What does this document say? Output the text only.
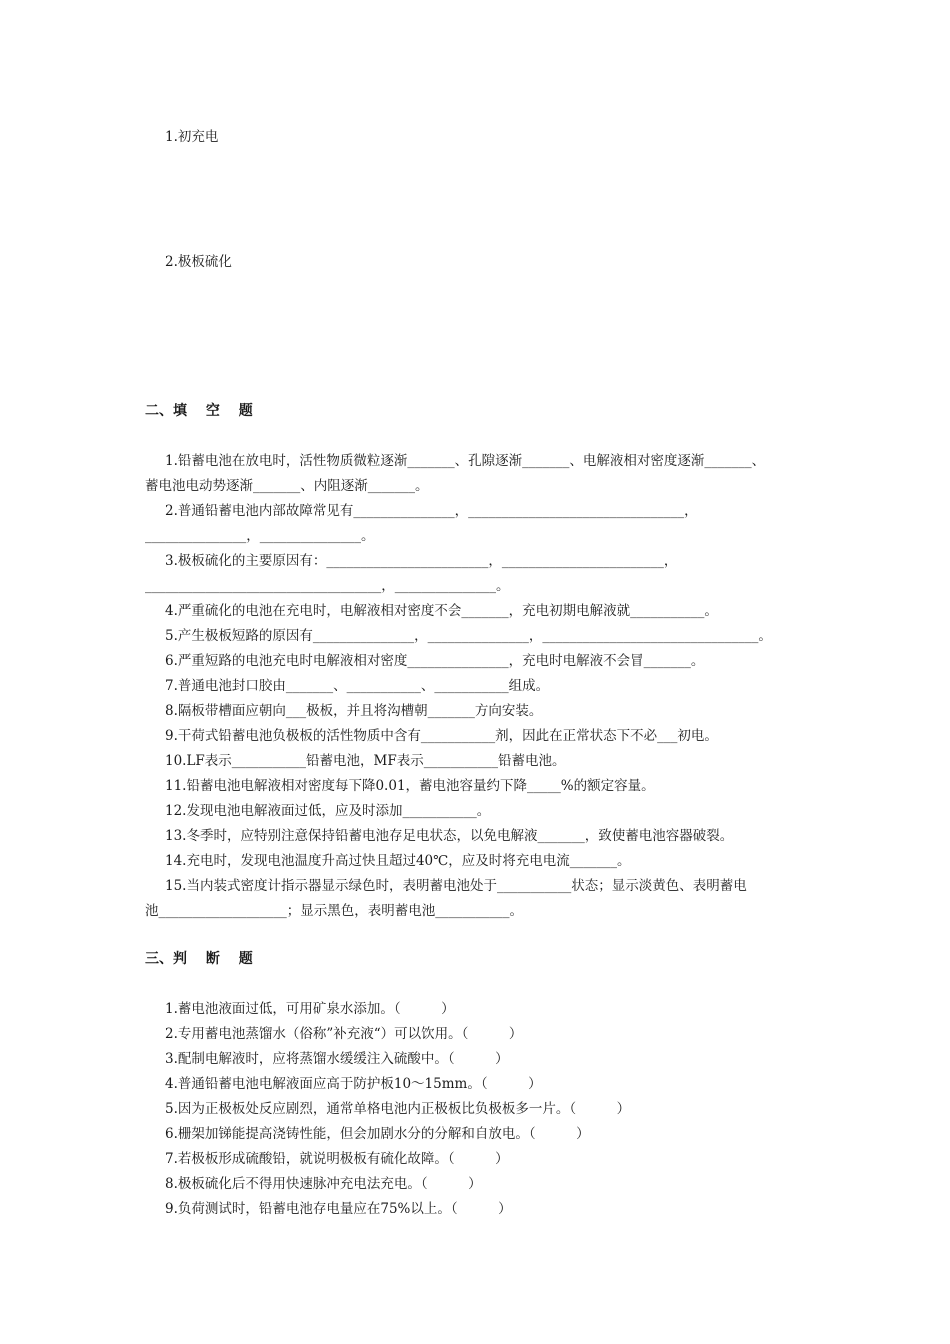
1.初充电
2.极板硫化
二、填　 空　 题
1.铅蓄电池在放电时，活性物质微粒逐渐_______、孔隙逐渐_______、电解液相对密度逐渐_______、
蓄电池电动势逐渐_______、内阻逐渐_______。
2.普通铅蓄电池内部故障常见有_______________，________________________________，
_______________，_______________。
3.极板硫化的主要原因有：________________________，________________________，
___________________________________，_______________。
4.严重硫化的电池在充电时，电解液相对密度不会_______，充电初期电解液就___________。
5.产生极板短路的原因有_______________，_______________，________________________________。
6.严重短路的电池充电时电解液相对密度_______________，充电时电解液不会冒_______。
7.普通电池封口胶由_______、___________、___________组成。
8.隔板带槽面应朝向___极板，并且将沟槽朝_______方向安装。
9.干荷式铅蓄电池负极板的活性物质中含有___________剂，因此在正常状态下不必___初电。
10.LF表示___________铅蓄电池，MF表示___________铅蓄电池。
11.铅蓄电池电解液相对密度每下降0.01，蓄电池容量约下降_____%的额定容量。
12.发现电池电解液面过低，应及时添加___________。
13.冬季时，应特别注意保持铅蓄电池存足电状态，以免电解液_______，致使蓄电池容器破裂。
14.充电时，发现电池温度升高过快且超过40℃，应及时将充电电流_______。
15.当内装式密度计指示器显示绿色时，表明蓄电池处于___________状态；显示淡黄色、表明蓄电
池___________________；显示黑色，表明蓄电池___________。
三、判　 断　 题
1.蓄电池液面过低，可用矿泉水添加。（　　　）
2.专用蓄电池蒸馏水（俗称”补充液“）可以饮用。（　　　）
3.配制电解液时，应将蒸馏水缓缓注入硫酸中。（　　　）
4.普通铅蓄电池电解液面应高于防护板10～15mm。（　　　）
5.因为正极板处反应剧烈，通常单格电池内正极板比负极板多一片。（　　　）
6.栅架加锑能提高浇铸性能，但会加剧水分的分解和自放电。（　　　）
7.若极板形成硫酸铅，就说明极板有硫化故障。（　　　）
8.极板硫化后不得用快速脉冲充电法充电。（　　　）
9.负荷测试时，铅蓄电池存电量应在75%以上。（　　　）
